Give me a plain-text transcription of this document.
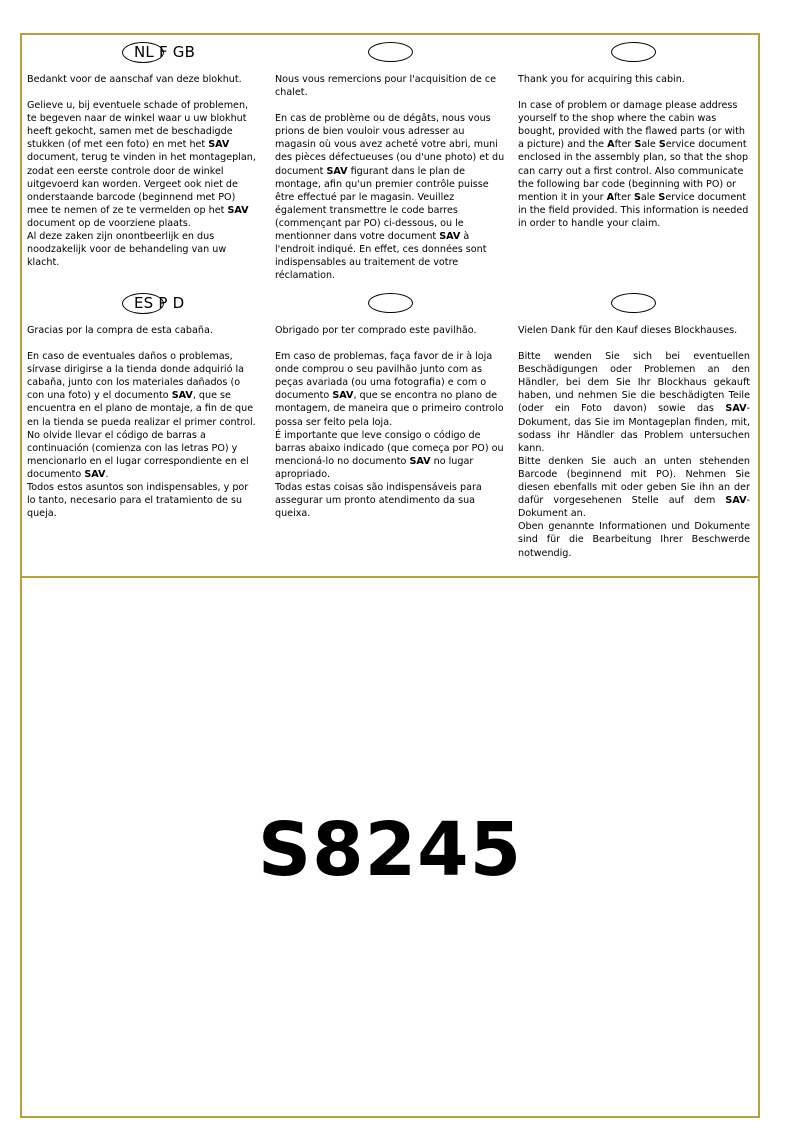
NL F GB

Bedankt voor de aanschaf van deze blokhut.

Gelieve u, bij eventuele schade of problemen, te begeven naar de winkel waar u uw blokhut heeft gekocht, samen met de beschadigde stukken (of met een foto) en met het SAV document, terug te vinden in het montageplan, zodat een eerste controle door de winkel uitgevoerd kan worden. Vergeet ook niet de onderstaande barcode (beginnend met PO) mee te nemen of ze te vermelden op het SAV document op de voorziene plaats.
Al deze zaken zijn onontbeerlijk en dus noodzakelijk voor de behandeling van uw klacht.

Nous vous remercions pour l'acquisition de ce chalet.

En cas de problème ou de dégâts, nous vous prions de bien vouloir vous adresser au magasin où vous avez acheté votre abri, muni des pièces défectueuses (ou d'une photo) et du document SAV figurant dans le plan de montage, afin qu'un premier contrôle puisse être effectué par le magasin. Veuillez également transmettre le code barres (commençant par PO) ci-dessous, ou le mentionner dans votre document SAV à l'endroit indiqué. En effet, ces données sont indispensables au traitement de votre réclamation.

Thank you for acquiring this cabin.

In case of problem or damage please address yourself to the shop where the cabin was bought, provided with the flawed parts (or with a picture) and the After Sale Service document enclosed in the assembly plan, so that the shop can carry out a first control. Also communicate the following bar code (beginning with PO) or mention it in your After Sale Service document in the field provided. This information is needed in order to handle your claim.

ES P D

Gracias por la compra de esta cabaña.

En caso de eventuales daños o problemas, sírvase dirigirse a la tienda donde adquirió la cabaña, junto con los materiales dañados (o con una foto) y el documento SAV, que se encuentra en el plano de montaje, a fin de que en la tienda se pueda realizar el primer control.
No olvide llevar el código de barras a continuación (comienza con las letras PO) y mencionarlo en el lugar correspondiente en el documento SAV.
Todos estos asuntos son indispensables, y por lo tanto, necesario para el tratamiento de su queja.

Obrigado por ter comprado este pavilhão.

Em caso de problemas, faça favor de ir à loja onde comprou o seu pavilhão junto com as peças avariada (ou uma fotografia) e com o documento SAV, que se encontra no plano de montagem, de maneira que o primeiro controlo possa ser feito pela loja.
É importante que leve consigo o código de barras abaixo indicado (que começa por PO) ou mencioná-lo no documento SAV no lugar apropriado.
Todas estas coisas são indispensáveis para assegurar um pronto atendimento da sua queixa.

Vielen Dank für den Kauf dieses Blockhauses.

Bitte wenden Sie sich bei eventuellen Beschädigungen oder Problemen an den Händler, bei dem Sie Ihr Blockhaus gekauft haben, und nehmen Sie die beschädigten Teile (oder ein Foto davon) sowie das SAV-Dokument, das Sie im Montageplan finden, mit, sodass ihr Händler das Problem untersuchen kann.
Bitte denken Sie auch an unten stehenden Barcode (beginnend mit PO). Nehmen Sie diesen ebenfalls mit oder geben Sie ihn an der dafür vorgesehenen Stelle auf dem SAV-Dokument an.
Oben genannte Informationen und Dokumente sind für die Bearbeitung Ihrer Beschwerde notwendig.

S8245
